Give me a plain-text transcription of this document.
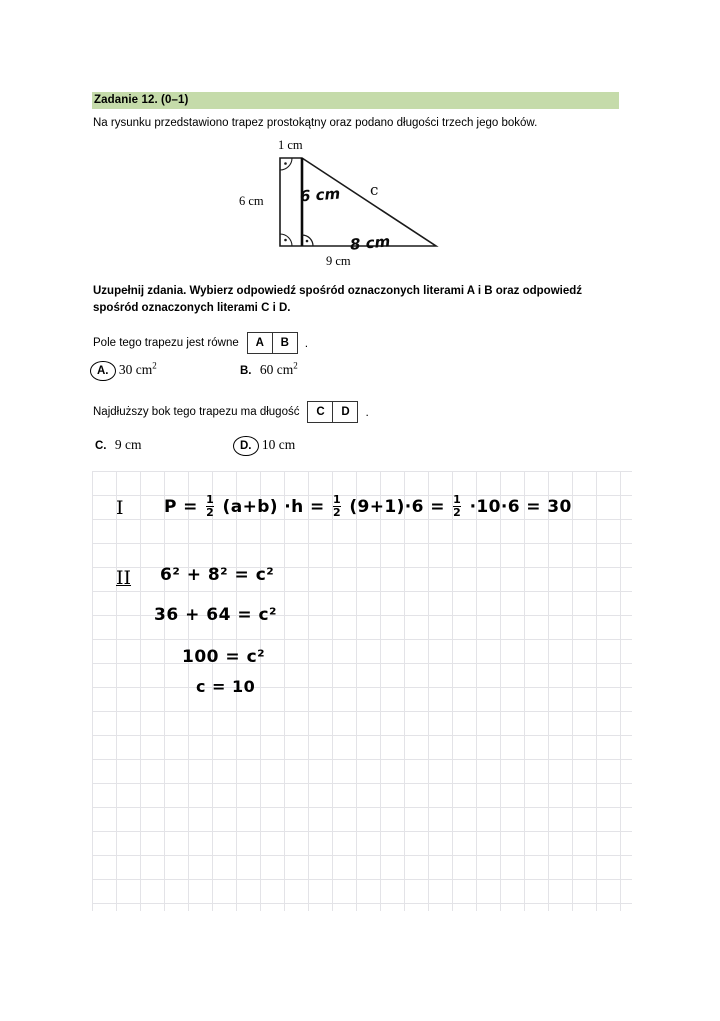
Zadanie 12. (0–1)
Na rysunku przedstawiono trapez prostokątny oraz podano długości trzech jego boków.
1 cm
6 cm
9 cm
6 cm
8 cm
c
Uzupełnij zdania. Wybierz odpowiedź spośród oznaczonych literami A i B oraz odpowiedź spośród oznaczonych literami C i D.
Pole tego trapezu jest równe	A	B	.
A. 30 $cm^2$	B. 60 $cm^2$
Najdłuższy bok tego trapezu ma długość	C	D	.
C. 9 cm	D. 10 cm
I $P = \frac{1}{2} (a+b) \cdot h = \frac{1}{2} (9+1)\cdot 6 = \frac{1}{2} \cdot 10\cdot 6 = 30$
II 6² + 8² = c²
36 + 64 = c²
100 = c²
c = 10
